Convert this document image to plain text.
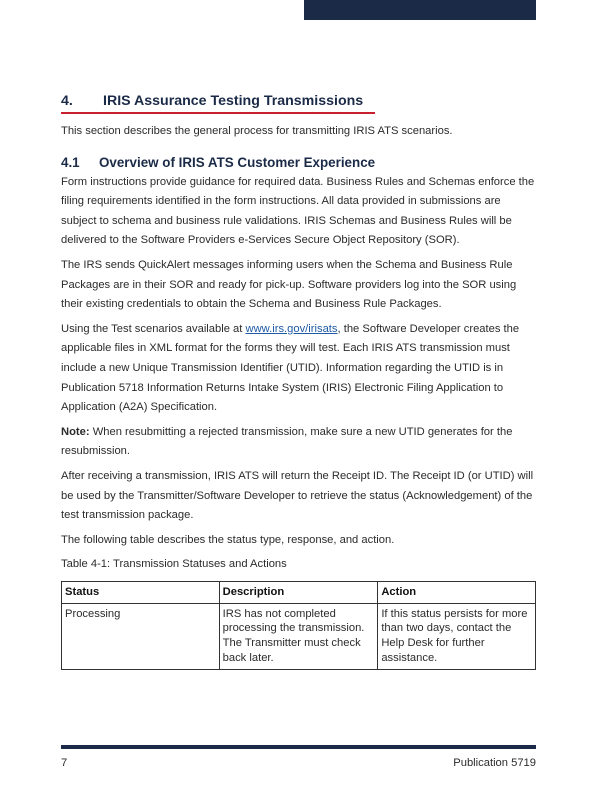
4. IRIS Assurance Testing Transmissions

This section describes the general process for transmitting IRIS ATS scenarios.

4.1 Overview of IRIS ATS Customer Experience

Form instructions provide guidance for required data. Business Rules and Schemas enforce the filing requirements identified in the form instructions. All data provided in submissions are subject to schema and business rule validations. IRIS Schemas and Business Rules will be delivered to the Software Providers e-Services Secure Object Repository (SOR).

The IRS sends QuickAlert messages informing users when the Schema and Business Rule Packages are in their SOR and ready for pick-up. Software providers log into the SOR using their existing credentials to obtain the Schema and Business Rule Packages.

Using the Test scenarios available at www.irs.gov/irisats, the Software Developer creates the applicable files in XML format for the forms they will test. Each IRIS ATS transmission must include a new Unique Transmission Identifier (UTID). Information regarding the UTID is in Publication 5718 Information Returns Intake System (IRIS) Electronic Filing Application to Application (A2A) Specification.

Note: When resubmitting a rejected transmission, make sure a new UTID generates for the resubmission.

After receiving a transmission, IRIS ATS will return the Receipt ID. The Receipt ID (or UTID) will be used by the Transmitter/Software Developer to retrieve the status (Acknowledgement) of the test transmission package.

The following table describes the status type, response, and action.

Table 4-1: Transmission Statuses and Actions

Status	Description	Action
Processing	IRS has not completed processing the transmission. The Transmitter must check back later.	If this status persists for more than two days, contact the Help Desk for further assistance.
7	Publication 5719
